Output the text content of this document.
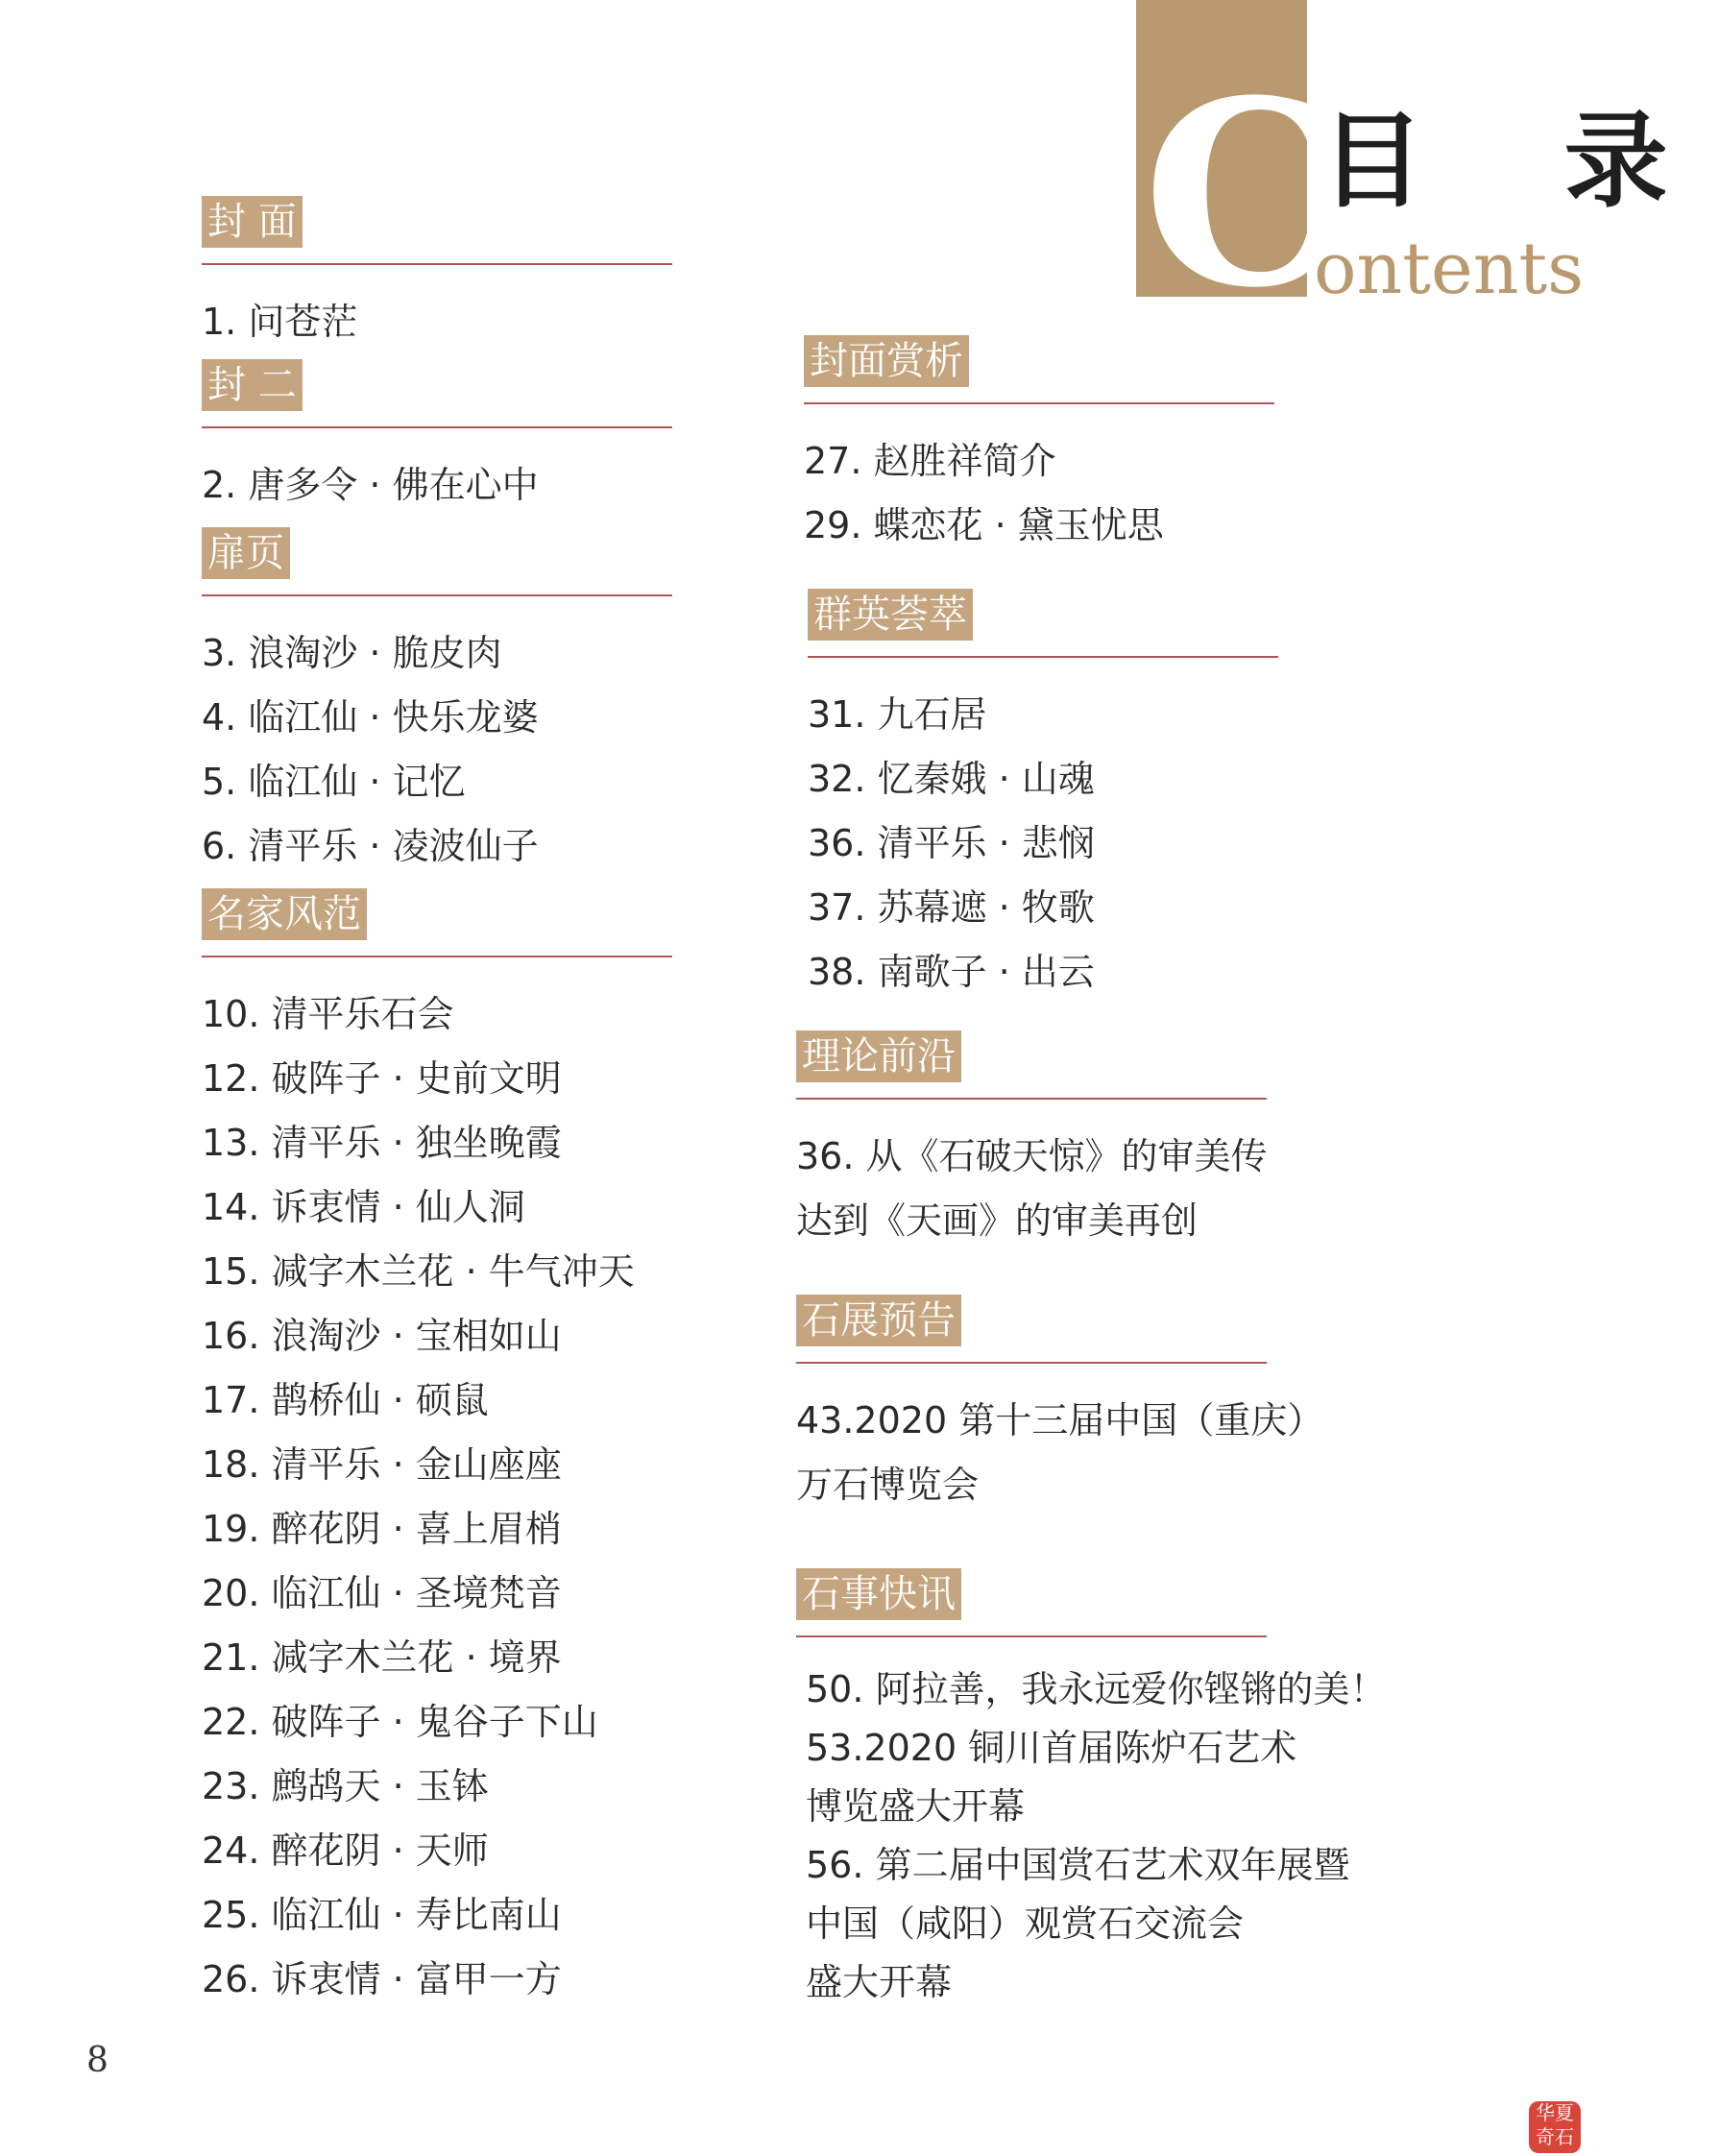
C
目 录
ontents
封 面
1. 问苍茫
封 二
2. 唐多令 · 佛在心中
扉页
3. 浪淘沙 · 脆皮肉
4. 临江仙 · 快乐龙婆
5. 临江仙 · 记忆
6. 清平乐 · 凌波仙子
名家风范
10. 清平乐石会
12. 破阵子 · 史前文明
13. 清平乐 · 独坐晚霞
14. 诉衷情 · 仙人洞
15. 减字木兰花 · 牛气冲天
16. 浪淘沙 · 宝相如山
17. 鹊桥仙 · 硕鼠
18. 清平乐 · 金山座座
19. 醉花阴 · 喜上眉梢
20. 临江仙 · 圣境梵音
21. 减字木兰花 · 境界
22. 破阵子 · 鬼谷子下山
23. 鹧鸪天 · 玉钵
24. 醉花阴 · 天师
25. 临江仙 · 寿比南山
26. 诉衷情 · 富甲一方
封面赏析
27. 赵胜祥简介
29. 蝶恋花 · 黛玉忧思
群英荟萃
31. 九石居
32. 忆秦娥 · 山魂
36. 清平乐 · 悲悯
37. 苏幕遮 · 牧歌
38. 南歌子 · 出云
理论前沿
36. 从《石破天惊》的审美传
达到《天画》的审美再创
石展预告
43.2020 第十三届中国（重庆）
万石博览会
石事快讯
50. 阿拉善，我永远爱你铿锵的美！
53.2020 铜川首届陈炉石艺术
博览盛大开幕
56. 第二届中国赏石艺术双年展暨
中国（咸阳）观赏石交流会
盛大开幕
8
华夏奇石
